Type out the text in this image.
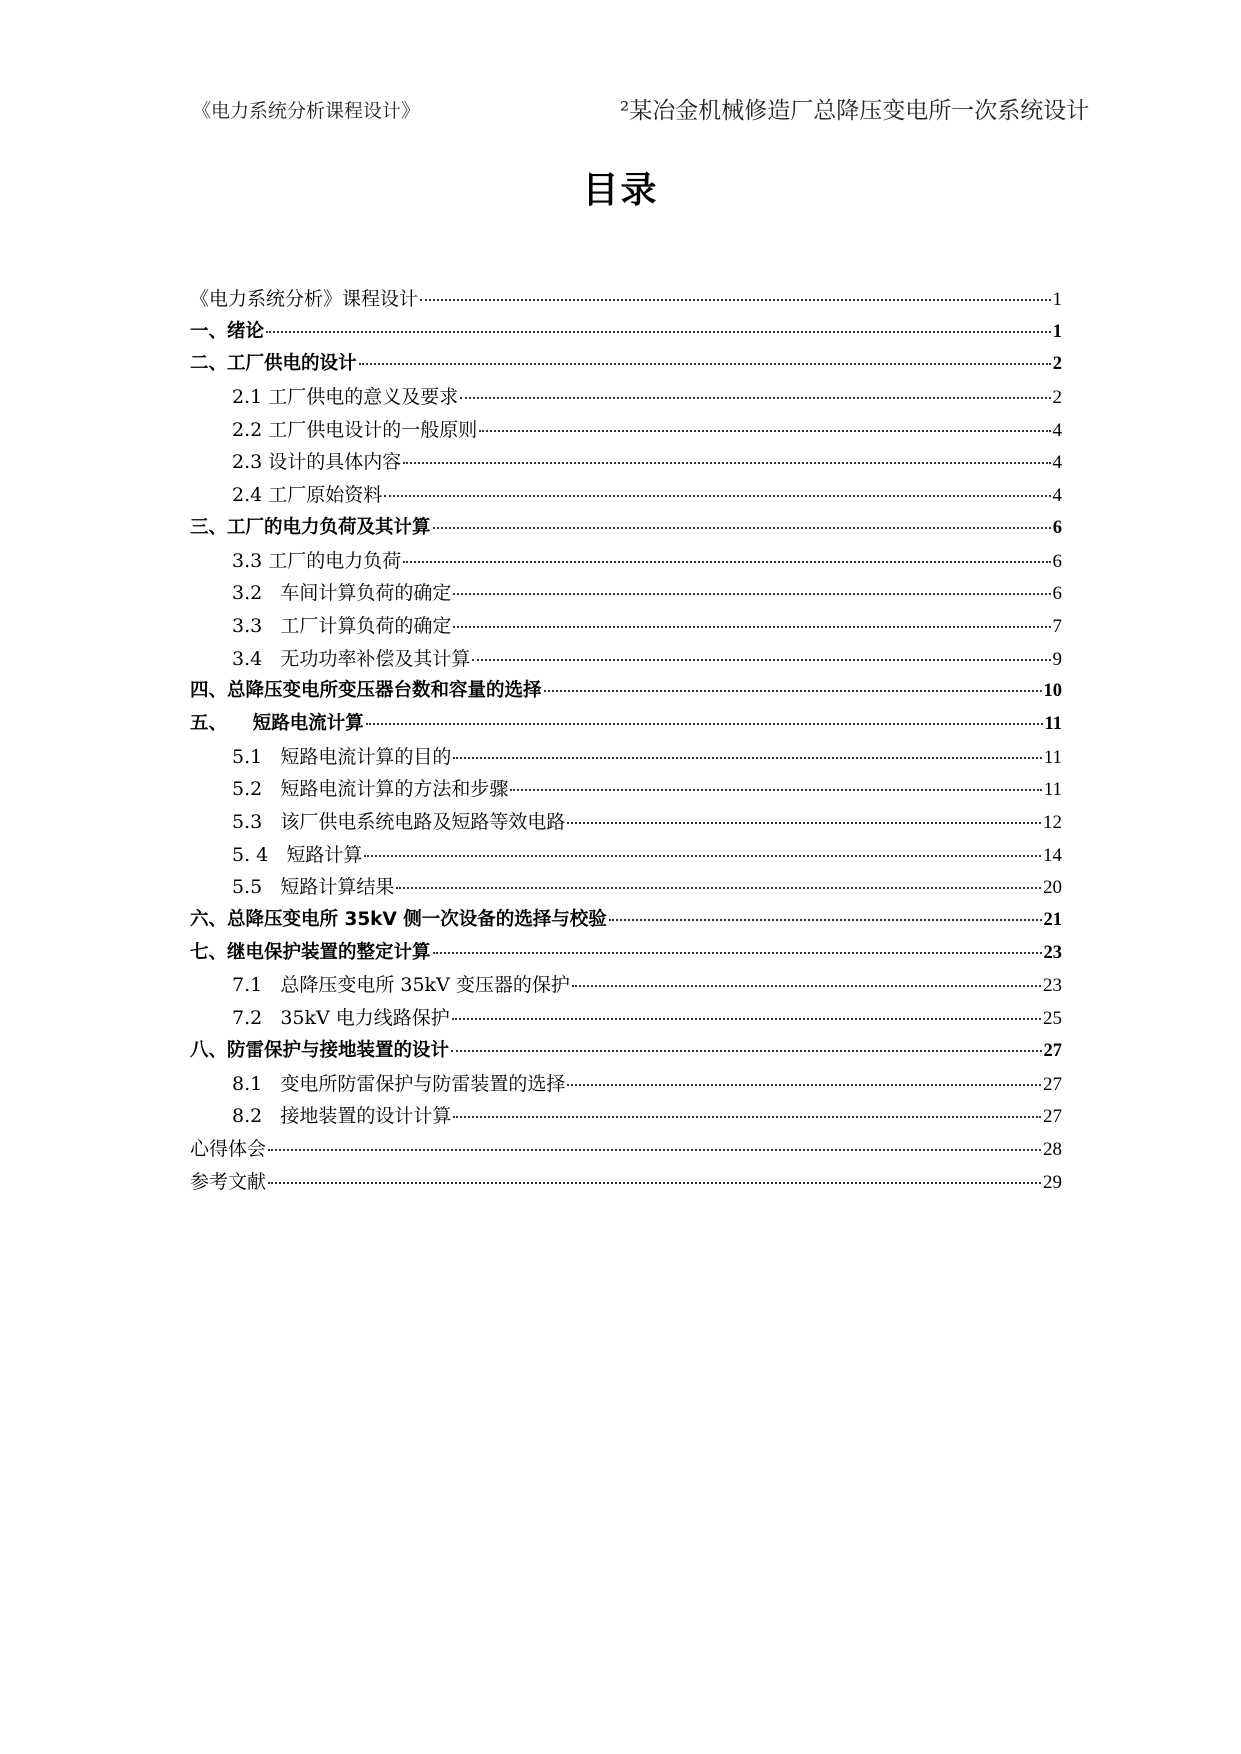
《电力系统分析课程设计》	²某冶金机械修造厂总降压变电所一次系统设计
目录
《电力系统分析》课程设计	1
一、绪论	1
二、工厂供电的设计	2
2.1 工厂供电的意义及要求	2
2.2 工厂供电设计的一般原则	4
2.3 设计的具体内容	4
2.4 工厂原始资料	4
三、工厂的电力负荷及其计算	6
3.3 工厂的电力负荷	6
3.2   车间计算负荷的确定	6
3.3   工厂计算负荷的确定	7
3.4   无功功率补偿及其计算	9
四、总降压变电所变压器台数和容量的选择	10
五、    短路电流计算	11
5.1   短路电流计算的目的	11
5.2   短路电流计算的方法和步骤	11
5.3   该厂供电系统电路及短路等效电路	12
5. 4   短路计算	14
5.5   短路计算结果	20
六、总降压变电所 35kV 侧一次设备的选择与校验	21
七、继电保护装置的整定计算	23
7.1   总降压变电所 35kV 变压器的保护	23
7.2   35kV 电力线路保护	25
八、防雷保护与接地装置的设计	27
8.1   变电所防雷保护与防雷装置的选择	27
8.2   接地装置的设计计算	27
心得体会	28
参考文献	29
